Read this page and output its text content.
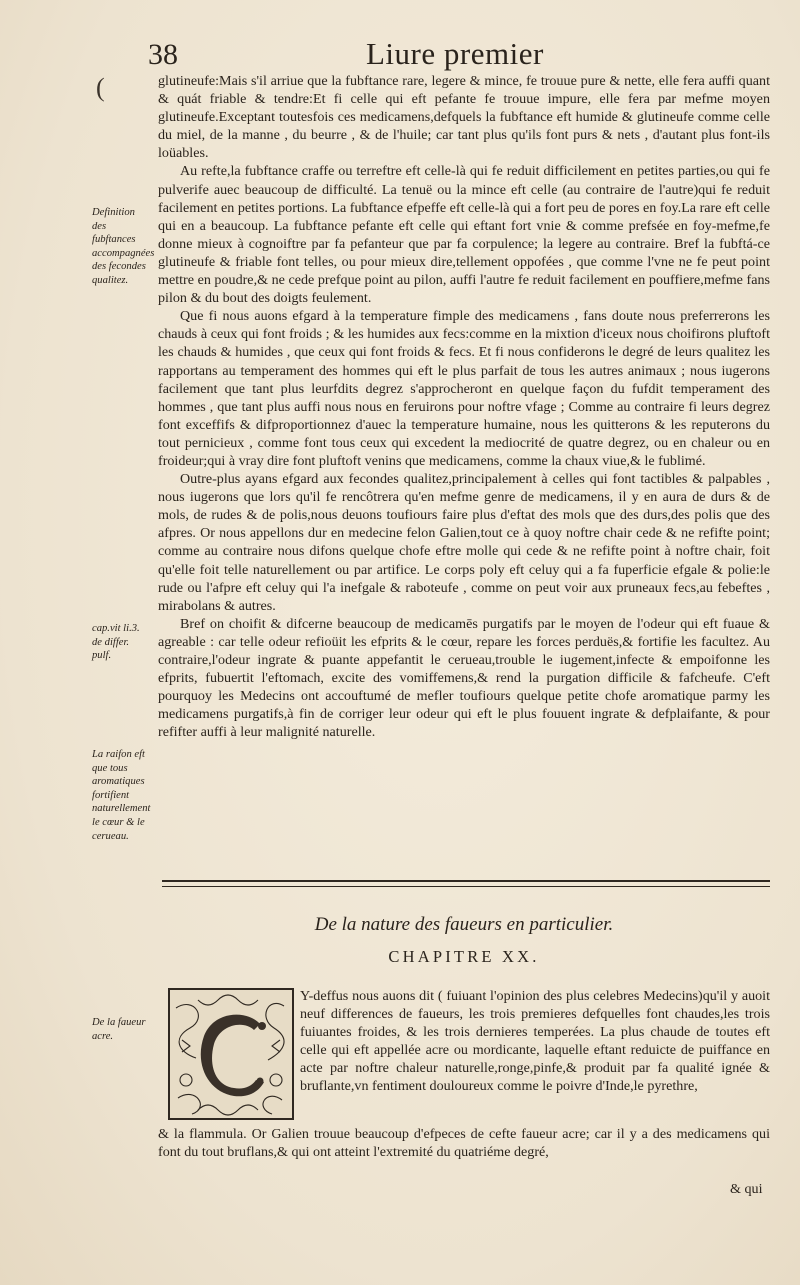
38	Liure premier
(	glutineufe:Mais s'il arriue que la fubftance rare, legere & mince, fe trouue pure & nette, elle fera auffi quant & quát friable & tendre:Et fi celle qui eft pefante fe trouue impure, elle fera par mefme moyen glutineufe.Exceptant toutesfois ces medicamens,defquels la fubftance eft humide & glutineufe comme celle du miel, de la manne , du beurre , & de l'huile; car tant plus qu'ils font purs & nets , d'autant plus font-ils loüables.

Au refte,la fubftance craffe ou terreftre eft celle-là qui fe reduit difficilement en petites parties,ou qui fe pulverife auec beaucoup de difficulté. La tenuë ou la mince eft celle (au contraire de l'autre)qui fe reduit facilement en petites portions. La fubftance efpeffe eft celle-là qui a fort peu de pores en foy.La rare eft celle qui en a beaucoup. La fubftance pefante eft celle qui eftant fort vnie & comme prefsée en foy-mefme,fe donne mieux à cognoiftre par fa pefanteur que par fa corpulence; la legere au contraire. Bref la fubftá-ce glutineufe & friable font telles, ou pour mieux dire,tellement oppofées , que comme l'vne ne fe peut point mettre en poudre,& ne cede prefque point au pilon, auffi l'autre fe reduit facilement en pouffiere,mefme fans pilon & du bout des doigts feulement.

Que fi nous auons efgard à la temperature fimple des medicamens , fans doute nous preferrerons les chauds à ceux qui font froids ; & les humides aux fecs:comme en la mixtion d'iceux nous choifirons pluftoft les chauds & humides , que ceux qui font froids & fecs. Et fi nous confiderons le degré de leurs qualitez les rapportans au temperament des hommes qui eft le plus parfait de tous les autres animaux ; nous iugerons facilement que tant plus leurfdits degrez s'approcheront en quelque façon du fufdit temperament des hommes , que tant plus auffi nous nous en feruirons pour noftre vfage ; Comme au contraire fi leurs degrez font exceffifs & difproportionnez d'auec la temperature humaine, nous les quitterons & les reputerons du tout pernicieux , comme font tous ceux qui excedent la mediocrité de quatre degrez, ou en chaleur ou en froideur;qui à vray dire font pluftoft venins que medicamens, comme la chaux viue,& le fublimé.

Outre-plus ayans efgard aux fecondes qualitez,principalement à celles qui font tactibles & palpables , nous iugerons que lors qu'il fe rencôtrera qu'en mefme genre de medicamens, il y en aura de durs & de mols, de rudes & de polis,nous deuons toufiours faire plus d'eftat des mols que des durs,des polis que des afpres. Or nous appellons dur en medecine felon Galien,tout ce à quoy noftre chair cede & ne refifte point; comme au contraire nous difons quelque chofe eftre molle qui cede & ne refifte point à noftre chair, foit qu'elle foit telle naturellement ou par artifice. Le corps poly eft celuy qui a fa fuperficie efgale & polie:le rude ou l'afpre eft celuy qui l'a inefgale & raboteufe , comme on peut voir aux pruneaux fecs,au febeftes , mirabolans & autres.

Bref on choifit & difcerne beaucoup de medicamēs purgatifs par le moyen de l'odeur qui eft fuaue & agreable : car telle odeur refioüit les efprits & le cœur, repare les forces perduës,& fortifie les facultez. Au contraire,l'odeur ingrate & puante appefantit le cerueau,trouble le iugement,infecte & empoifonne les efprits, fubuertit l'eftomach, excite des vomiffemens,& rend la purgation difficile & fafcheufe. C'eft pourquoy les Medecins ont accouftumé de mefler toufiours quelque petite chofe aromatique parmy les medicamens purgatifs,à fin de corriger leur odeur qui eft le plus fouuent ingrate & defplaifante, & pour refifter auffi à leur malignité naturelle.

Definition des fubftances accompagnées des fecondes qualitez.
cap.vit li.3. de differ. pulf.
La raifon eft que tous aromatiques fortifient naturellement le cœur & le cerueau.
De la faueur acre.
De la nature des faueurs en particulier.
CHAPITRE XX.
Y-deffus nous auons dit ( fuiuant l'opinion des plus celebres Medecins)qu'il y auoit neuf differences de faueurs, les trois premieres defquelles font chaudes,les trois fuiuantes froides, & les trois dernieres temperées. La plus chaude de toutes eft celle qui eft appellée acre ou mordicante, laquelle eftant reduicte de puiffance en acte par noftre chaleur naturelle,ronge,pinfe,& produit par fa qualité ignée & bruflante,vn fentiment douloureux comme le poivre d'Inde,le pyrethre,
& la flammula. Or Galien trouue beaucoup d'efpeces de cefte faueur acre; car il y a des medicamens qui font du tout bruflans,& qui ont atteint l'extremité du quatriéme degré,
& qui
